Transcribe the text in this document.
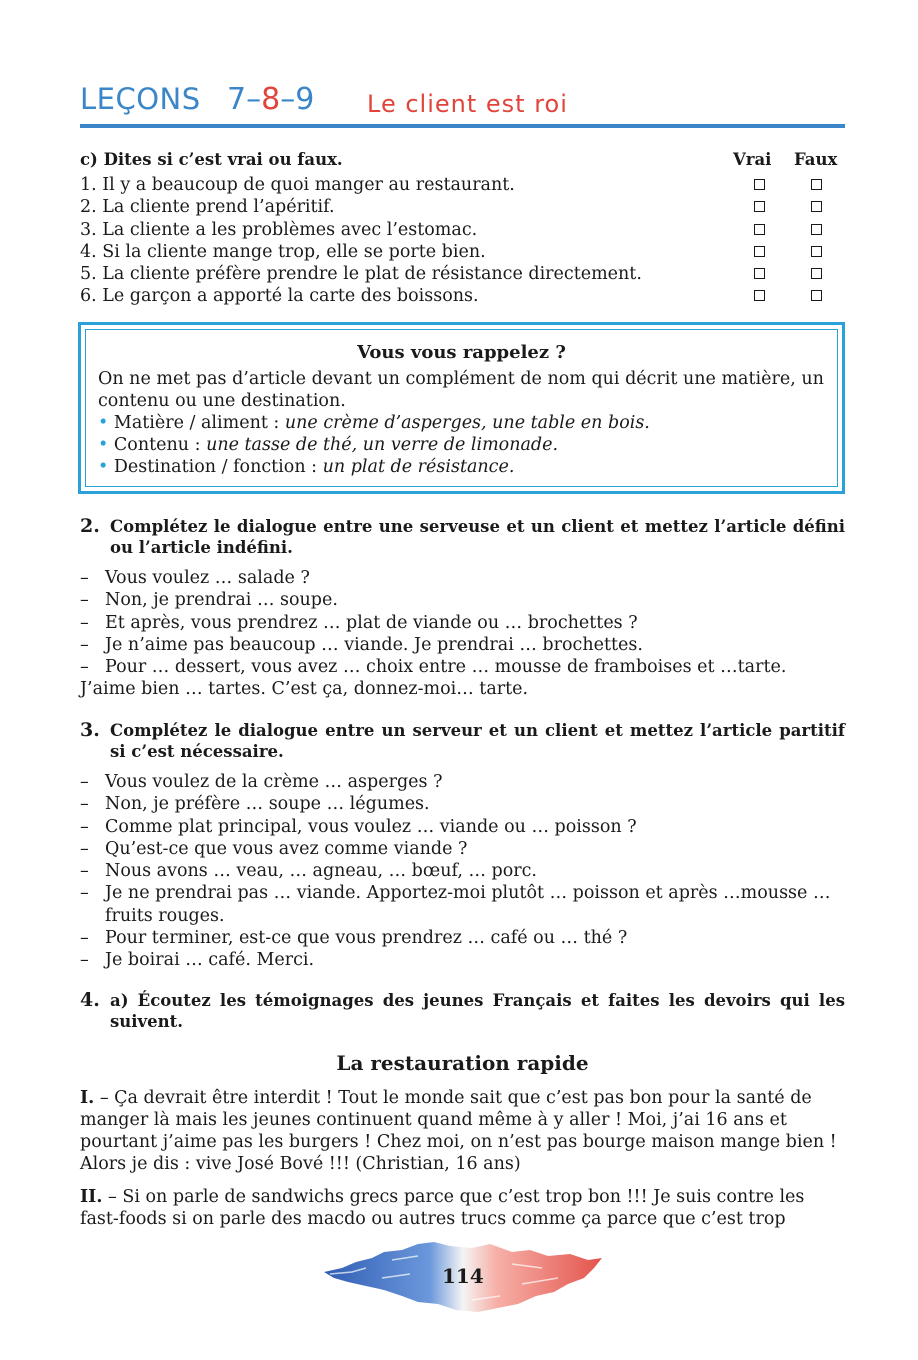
114
LEÇONS 7–8–9 Le client est roi
c) Dites si c’est vrai ou faux.	Vrai Faux
1. Il y a beaucoup de quoi manger au restaurant.
2. La cliente prend l’apéritif.
3. La cliente a les problèmes avec l’estomac.
4. Si la cliente mange trop, elle se porte bien.
5. La cliente préfère prendre le plat de résistance directement.
6. Le garçon a apporté la carte des boissons.
Vous vous rappelez ?

On ne met pas d’article devant un complément de nom qui décrit une matière, un contenu ou une destination.

• Matière / aliment : une crème d’asperges, une table en bois.
• Contenu : une tasse de thé, un verre de limonade.
• Destination / fonction : un plat de résistance.
2. Complétez le dialogue entre une serveuse et un client et mettez l’article défini ou l’article indéfini.
– Vous voulez … salade ?
– Non, je prendrai … soupe.
– Et après, vous prendrez … plat de viande ou … brochettes ?
– Je n’aime pas beaucoup … viande. Je prendrai … brochettes.
– Pour … dessert, vous avez … choix entre … mousse de framboises et …tarte.
J’aime bien … tartes. C’est ça, donnez-moi… tarte.
3. Complétez le dialogue entre un serveur et un client et mettez l’article partitif si c’est nécessaire.
– Vous voulez de la crème … asperges ?
– Non, je préfère … soupe … légumes.
– Comme plat principal, vous voulez … viande ou … poisson ?
– Qu’est-ce que vous avez comme viande ?
– Nous avons … veau, … agneau, … bœuf, … porc.
– Je ne prendrai pas … viande. Apportez-moi plutôt … poisson et après …mousse … fruits rouges.
– Pour terminer, est-ce que vous prendrez … café ou … thé ?
– Je boirai … café. Merci.
4. a) Écoutez les témoignages des jeunes Français et faites les devoirs qui les suivent.
La restauration rapide
I. – Ça devrait être interdit ! Tout le monde sait que c’est pas bon pour la santé de manger là mais les jeunes continuent quand même à y aller ! Moi, j’ai 16 ans et pourtant j’aime pas les burgers ! Chez moi, on n’est pas bourge maison mange bien ! Alors je dis : vive José Bové !!! (Christian, 16 ans)
II. – Si on parle de sandwichs grecs parce que c’est trop bon !!! Je suis contre les fast-foods si on parle des macdo ou autres trucs comme ça parce que c’est trop
